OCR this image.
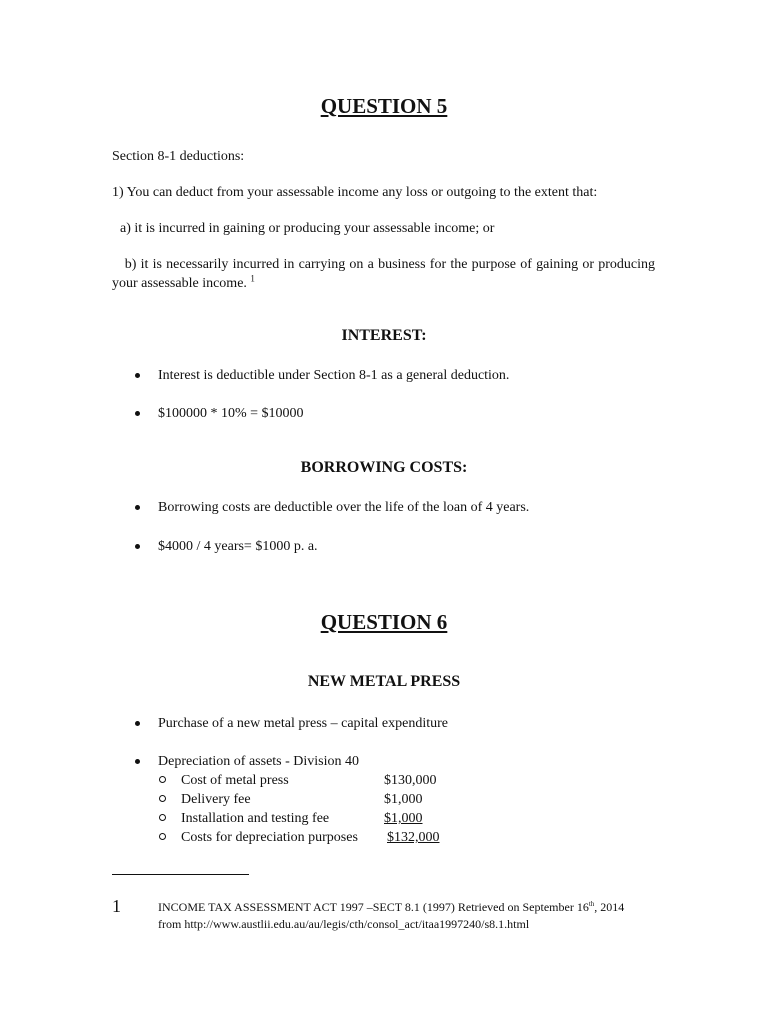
QUESTION 5
Section 8-1 deductions:
1) You can deduct from your assessable income any loss or outgoing to the extent that:
a) it is incurred in gaining or producing your assessable income; or
b) it is necessarily incurred in carrying on a business for the purpose of gaining or producing your assessable income. $^1$
INTEREST:
Interest is deductible under Section 8-1 as a general deduction.
$100000 * 10% = $10000
BORROWING COSTS:
Borrowing costs are deductible over the life of the loan of 4 years.
$4000 / 4 years= $1000 p. a.
QUESTION 6
NEW METAL PRESS
Purchase of a new metal press – capital expenditure
Depreciation of assets - Division 40
Cost of metal press	$130,000
Delivery fee	$1,000
Installation and testing fee	$1,000
Costs for depreciation purposes $132,000
1	INCOME TAX ASSESSMENT ACT 1997 –SECT 8.1 (1997) Retrieved on September 16th, 2014
from http://www.austlii.edu.au/au/legis/cth/consol_act/itaa1997240/s8.1.html
